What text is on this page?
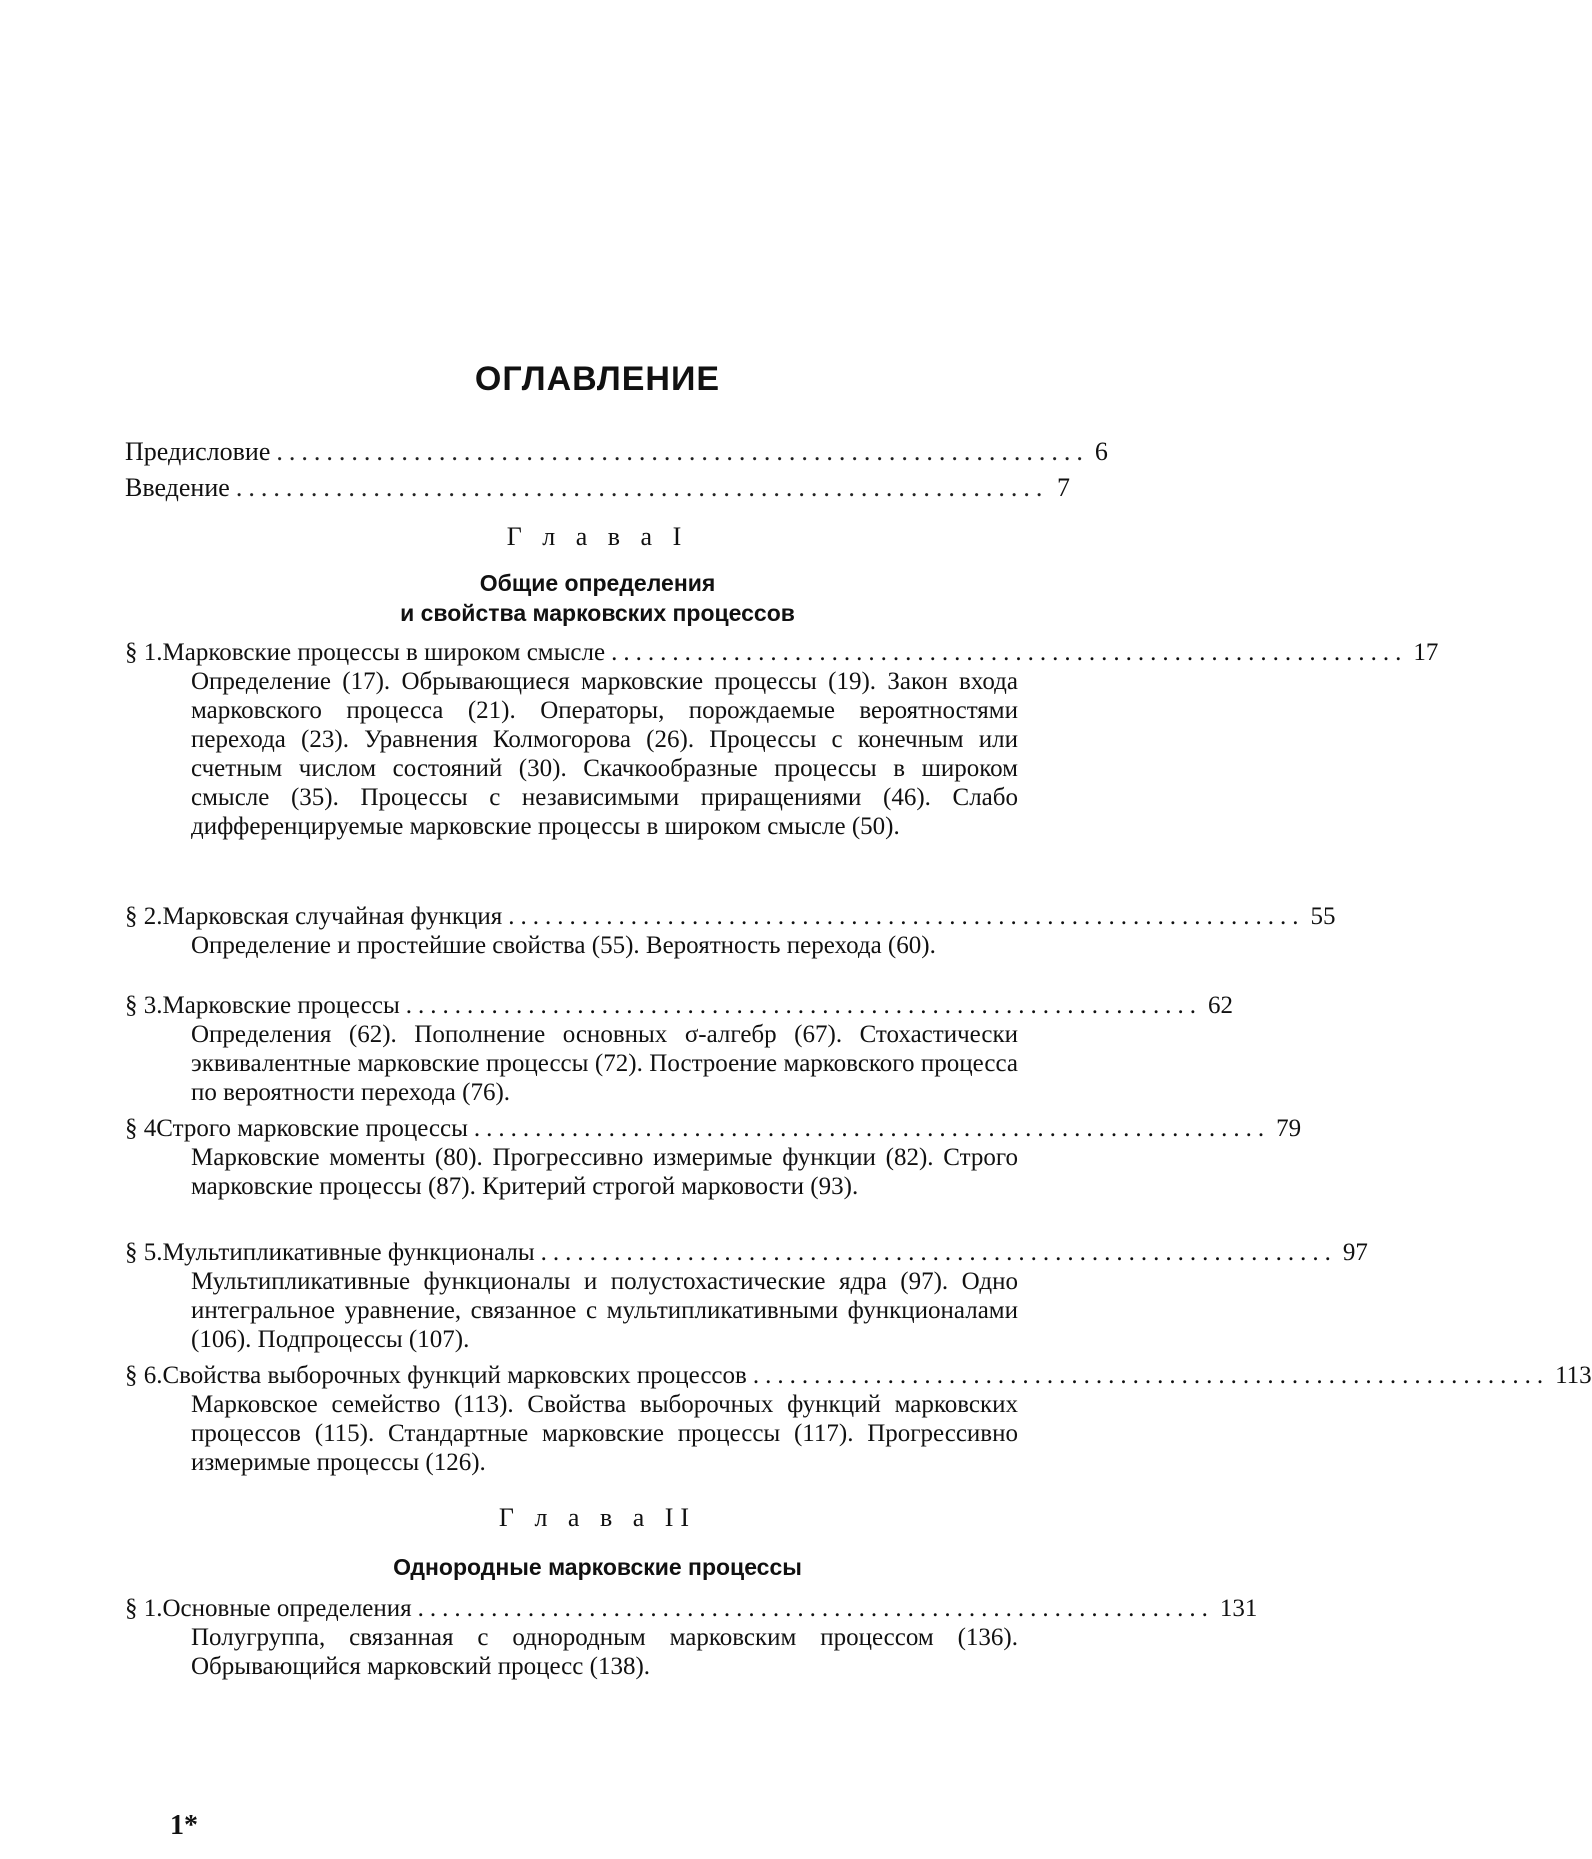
ОГЛАВЛЕНИЕ
Предисловие ................................................................. 6
Введение ................................................................. 7
Г л а в а I
Общие определения
и свойства марковских процессов
§ 1. Марковские процессы в широком смысле ................................................................. 17
Определение (17). Обрывающиеся марковские процессы (19). Закон входа марковского процесса (21). Операторы, порождаемые вероятностями перехода (23). Уравнения Колмогорова (26). Процессы с конечным или счетным числом состояний (30). Скачкообразные процессы в широком смысле (35). Процессы с независимыми приращениями (46). Слабо дифференцируемые марковские процессы в широком смысле (50).
§ 2. Марковская случайная функция ................................................................. 55
Определение и простейшие свойства (55). Вероятность перехода (60).
§ 3. Марковские процессы ................................................................. 62
Определения (62). Пополнение основных σ-алгебр (67). Стохастически эквивалентные марковские процессы (72). Построение марковского процесса по вероятности перехода (76).
§ 4 Строго марковские процессы ................................................................. 79
Марковские моменты (80). Прогрессивно измеримые функции (82). Строго марковские процессы (87). Критерий строгой марковости (93).
§ 5. Мультипликативные функционалы ................................................................. 97
Мультипликативные функционалы и полустохастические ядра (97). Одно интегральное уравнение, связанное с мультипликативными функционалами (106). Подпроцессы (107).
§ 6. Свойства выборочных функций марковских процессов ................................................................. 113
Марковское семейство (113). Свойства выборочных функций марковских процессов (115). Стандартные марковские процессы (117). Прогрессивно измеримые процессы (126).
Г л а в а II
Однородные марковские процессы
§ 1. Основные определения ................................................................. 131
Полугруппа, связанная с однородным марковским процессом (136). Обрывающийся марковский процесс (138).
1*
